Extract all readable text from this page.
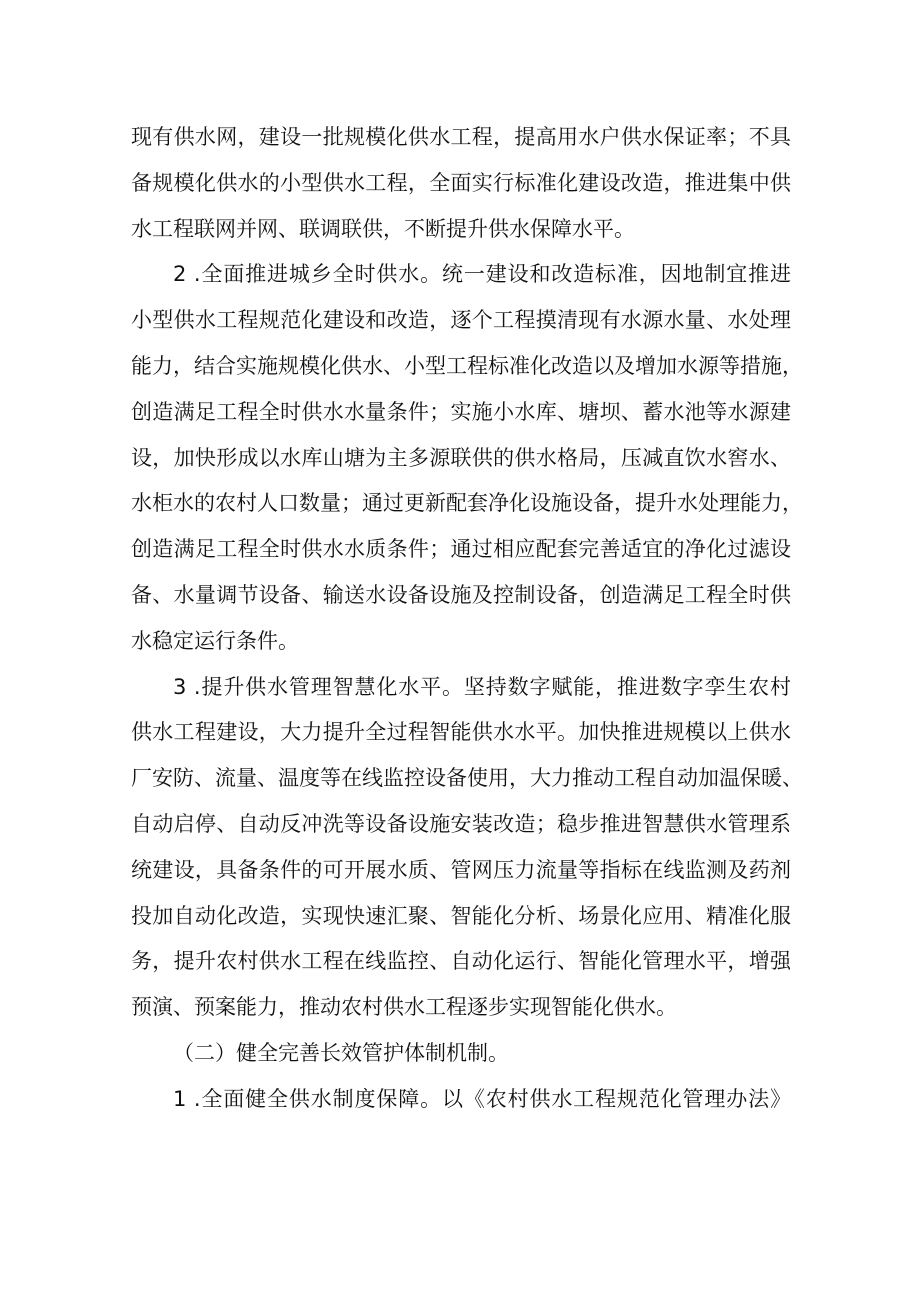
现有供水网，建设一批规模化供水工程，提高用水户供水保证率；不具
备规模化供水的小型供水工程，全面实行标准化建设改造，推进集中供
水工程联网并网、联调联供，不断提升供水保障水平。
2 .全面推进城乡全时供水。统一建设和改造标准，因地制宜推进
小型供水工程规范化建设和改造，逐个工程摸清现有水源水量、水处理
能力，结合实施规模化供水、小型工程标准化改造以及增加水源等措施，
创造满足工程全时供水水量条件；实施小水库、塘坝、蓄水池等水源建
设，加快形成以水库山塘为主多源联供的供水格局，压减直饮水窖水、
水柜水的农村人口数量；通过更新配套净化设施设备，提升水处理能力，
创造满足工程全时供水水质条件；通过相应配套完善适宜的净化过滤设
备、水量调节设备、输送水设备设施及控制设备，创造满足工程全时供
水稳定运行条件。
3 .提升供水管理智慧化水平。坚持数字赋能，推进数字孪生农村
供水工程建设，大力提升全过程智能供水水平。加快推进规模以上供水
厂安防、流量、温度等在线监控设备使用，大力推动工程自动加温保暖、
自动启停、自动反冲洗等设备设施安装改造；稳步推进智慧供水管理系
统建设，具备条件的可开展水质、管网压力流量等指标在线监测及药剂
投加自动化改造，实现快速汇聚、智能化分析、场景化应用、精准化服
务，提升农村供水工程在线监控、自动化运行、智能化管理水平，增强
预演、预案能力，推动农村供水工程逐步实现智能化供水。
（二）健全完善长效管护体制机制。
1 .全面健全供水制度保障。以《农村供水工程规范化管理办法》
